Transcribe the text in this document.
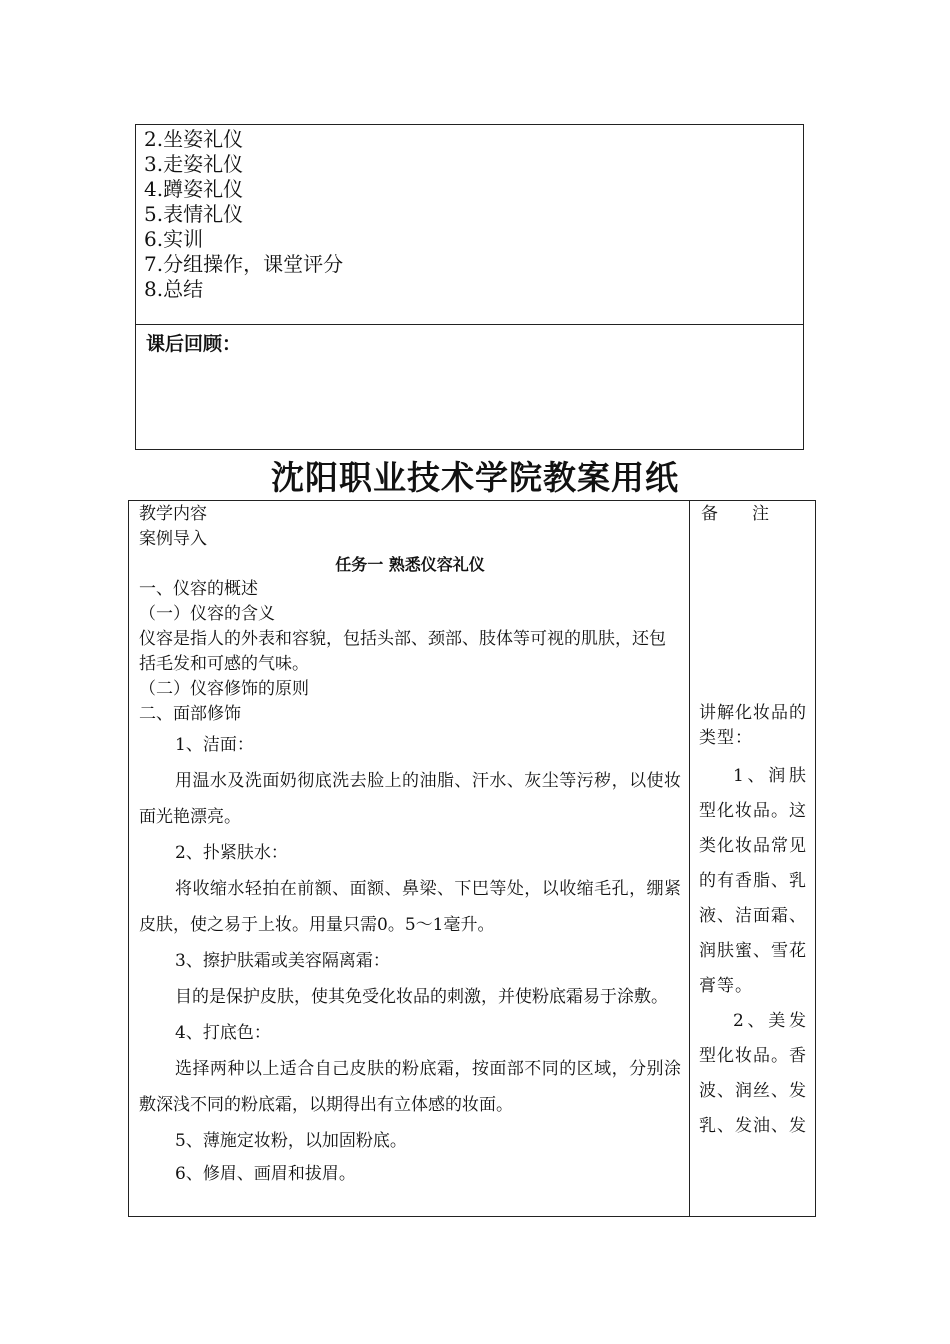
2.坐姿礼仪
3.走姿礼仪
4.蹲姿礼仪
5.表情礼仪
6.实训
7.分组操作，课堂评分
8.总结
课后回顾：
沈阳职业技术学院教案用纸
教学内容
案例导入
任务一 熟悉仪容礼仪
一、仪容的概述
（一）仪容的含义
仪容是指人的外表和容貌，包括头部、颈部、肢体等可视的肌肤，还包括毛发和可感的气味。
（二）仪容修饰的原则
二、面部修饰
1、洁面：
用温水及洗面奶彻底洗去脸上的油脂、汗水、灰尘等污秽，以使妆面光艳漂亮。
2、扑紧肤水：
将收缩水轻拍在前额、面额、鼻梁、下巴等处，以收缩毛孔，绷紧皮肤，使之易于上妆。用量只需0。5～1毫升。
3、擦护肤霜或美容隔离霜：
目的是保护皮肤，使其免受化妆品的刺激，并使粉底霜易于涂敷。
4、打底色：
选择两种以上适合自己皮肤的粉底霜，按面部不同的区域，分别涂敷深浅不同的粉底霜，以期得出有立体感的妆面。
5、薄施定妆粉，以加固粉底。
6、修眉、画眉和拔眉。
备　　注

讲解化妆品的类型：

1、润肤型化妆品。这类化妆品常见的有香脂、乳液、洁面霜、润肤蜜、雪花膏等。

2、美发型化妆品。香波、润丝、发乳、发油、发
